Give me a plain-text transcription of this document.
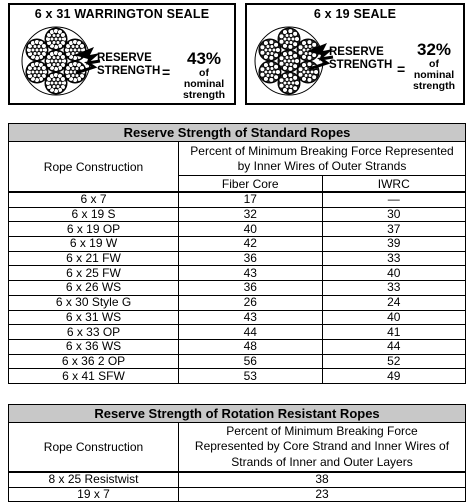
6 x 31 WARRINGTON SEALE
RESERVE
STRENGTH =
43%
of
nominal
strength
6 x 19 SEALE
RESERVE
STRENGTH =
32%
of
nominal
strength
Reserve Strength of Standard Ropes		

Rope Construction	Percent of Minimum Breaking Force Represented by Inner Wires of Outer Strands	

	Fiber Core	IWRC
6 x 7	17	—
6 x 19 S	32	30
6 x 19 OP	40	37
6 x 19 W	42	39
6 x 21 FW	36	33
6 x 25 FW	43	40
6 x 26 WS	36	33
6 x 30 Style G	26	24
6 x 31 WS	43	40
6 x 33 OP	44	41
6 x 36 WS	48	44
6 x 36 2 OP	56	52
6 x 41 SFW	53	49
Reserve Strength of Rotation Resistant Ropes	

Rope Construction	Percent of Minimum Breaking Force Represented by Core Strand and Inner Wires of Strands of Inner and Outer Layers

8 x 25 Resistwist	38
19 x 7	23
